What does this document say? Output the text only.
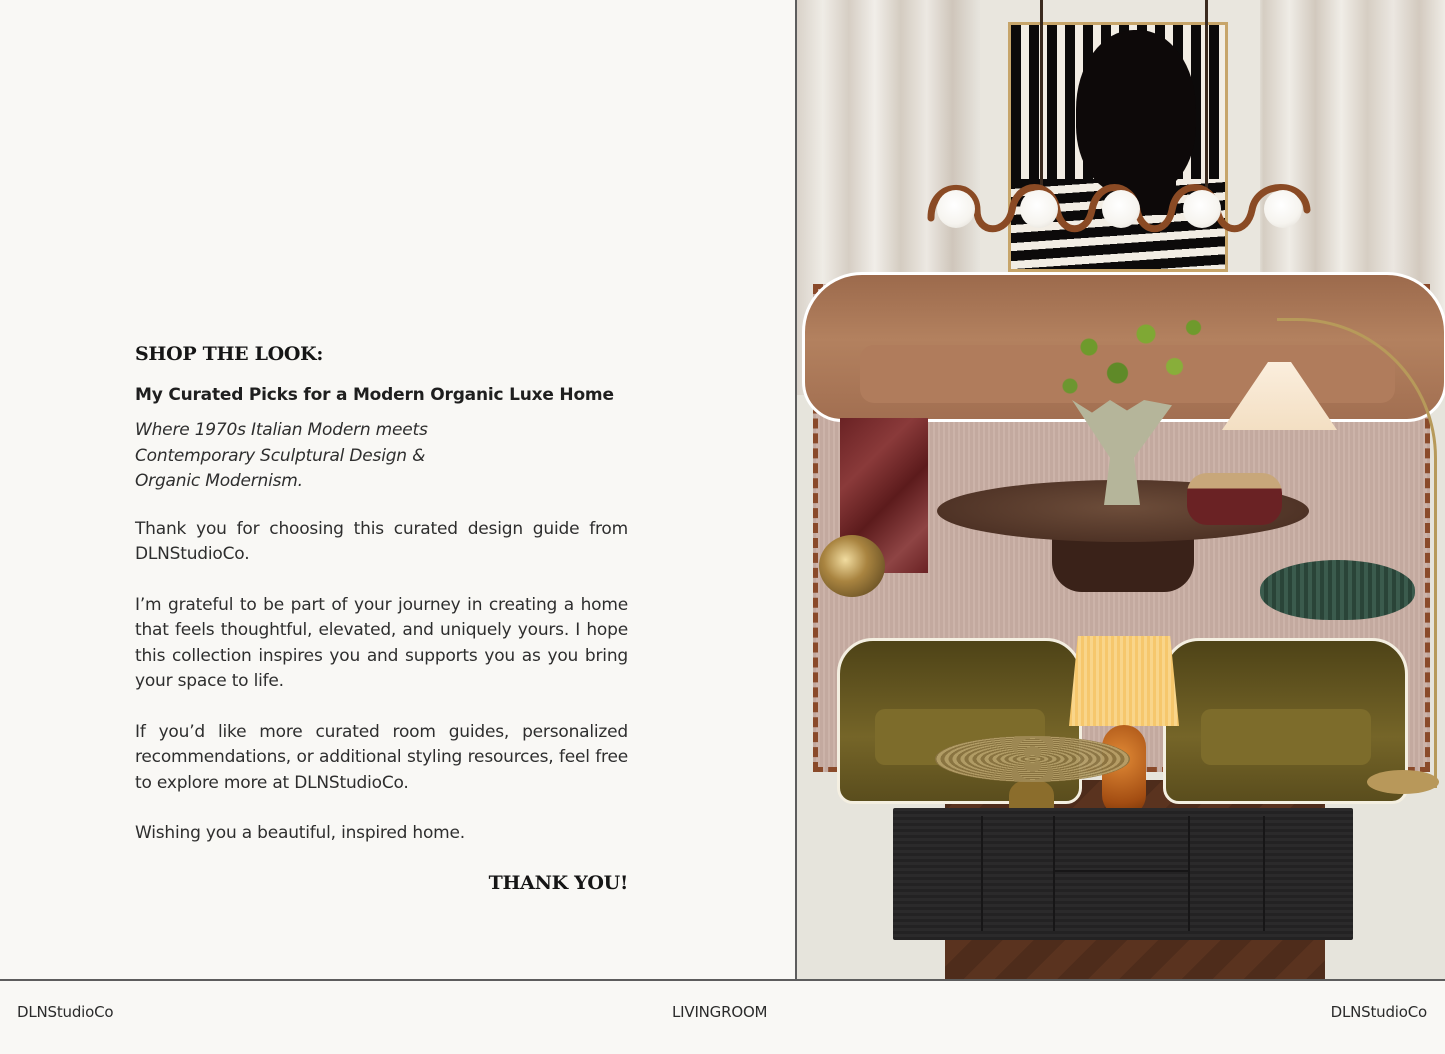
SHOP THE LOOK:
My Curated Picks for a Modern Organic Luxe Home
Where 1970s Italian Modern meets
Contemporary Sculptural Design &
Organic Modernism.

Thank you for choosing this curated design guide from DLNStudioCo.

I’m grateful to be part of your journey in creating a home that feels thoughtful, elevated, and uniquely yours. I hope this collection inspires you and supports you as you bring your space to life.

If you’d like more curated room guides, personalized recommendations, or additional styling resources, feel free to explore more at DLNStudioCo.

Wishing you a beautiful, inspired home.

THANK YOU!
DLNStudioCo	LIVINGROOM	DLNStudioCo
